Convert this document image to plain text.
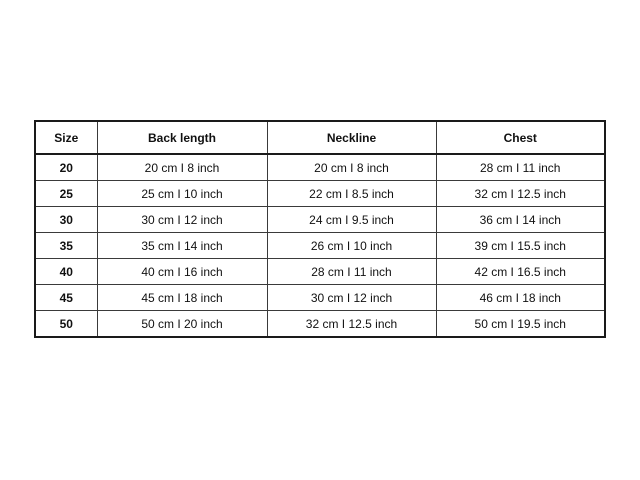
Size	Back length	Neckline	Chest
20	20 cm I 8 inch	20 cm I 8 inch	28 cm I 11 inch
25	25 cm I 10 inch	22 cm I 8.5 inch	32 cm I 12.5 inch
30	30 cm I 12 inch	24 cm I 9.5 inch	36 cm I 14 inch
35	35 cm I 14 inch	26 cm I 10 inch	39 cm I 15.5 inch
40	40 cm I 16 inch	28 cm I 11 inch	42 cm I 16.5 inch
45	45 cm I 18 inch	30 cm I 12 inch	46 cm I 18 inch
50	50 cm I 20 inch	32 cm I 12.5 inch	50 cm I 19.5 inch
